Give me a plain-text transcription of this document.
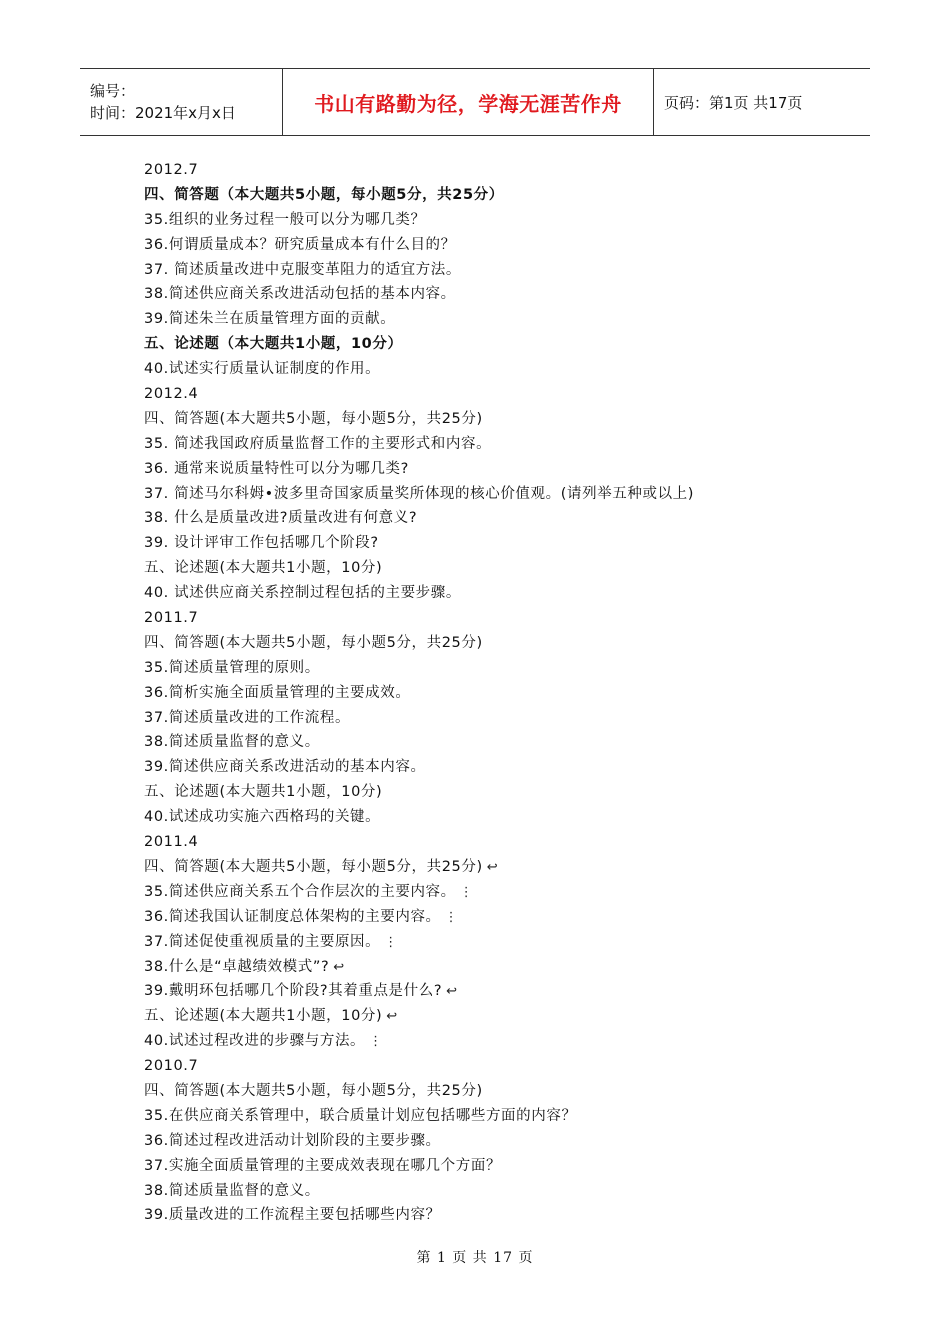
编号：
时间：2021年x月x日	书山有路勤为径，学海无涯苦作舟	页码：第1页 共17页
2012.7
四、简答题（本大题共5小题，每小题5分，共25分）
35.组织的业务过程一般可以分为哪几类？
36.何谓质量成本？研究质量成本有什么目的？
37. 简述质量改进中克服变革阻力的适宜方法。
38.简述供应商关系改进活动包括的基本内容。
39.简述朱兰在质量管理方面的贡献。
五、论述题（本大题共1小题，10分）
40.试述实行质量认证制度的作用。
2012.4
四、简答题(本大题共5小题，每小题5分，共25分)
35. 简述我国政府质量监督工作的主要形式和内容。
36. 通常来说质量特性可以分为哪几类?
37. 简述马尔科姆•波多里奇国家质量奖所体现的核心价值观。(请列举五种或以上)
38. 什么是质量改进?质量改进有何意义?
39. 设计评审工作包括哪几个阶段?
五、论述题(本大题共1小题，10分)
40. 试述供应商关系控制过程包括的主要步骤。
2011.7
四、简答题(本大题共5小题，每小题5分，共25分)
35.简述质量管理的原则。
36.简析实施全面质量管理的主要成效。
37.简述质量改进的工作流程。
38.简述质量监督的意义。
39.简述供应商关系改进活动的基本内容。
五、论述题(本大题共1小题，10分)
40.试述成功实施六西格玛的关键。
2011.4
四、简答题(本大题共5小题，每小题5分，共25分) ↩
35.简述供应商关系五个合作层次的主要内容。 ⋮
36.简述我国认证制度总体架构的主要内容。 ⋮
37.简述促使重视质量的主要原因。 ⋮
38.什么是“卓越绩效模式”? ↩
39.戴明环包括哪几个阶段?其着重点是什么? ↩
五、论述题(本大题共1小题，10分) ↩
40.试述过程改进的步骤与方法。 ⋮
2010.7
四、简答题(本大题共5小题，每小题5分，共25分)
35.在供应商关系管理中，联合质量计划应包括哪些方面的内容？
36.简述过程改进活动计划阶段的主要步骤。
37.实施全面质量管理的主要成效表现在哪几个方面？
38.简述质量监督的意义。
39.质量改进的工作流程主要包括哪些内容？
第 1 页 共 17 页
